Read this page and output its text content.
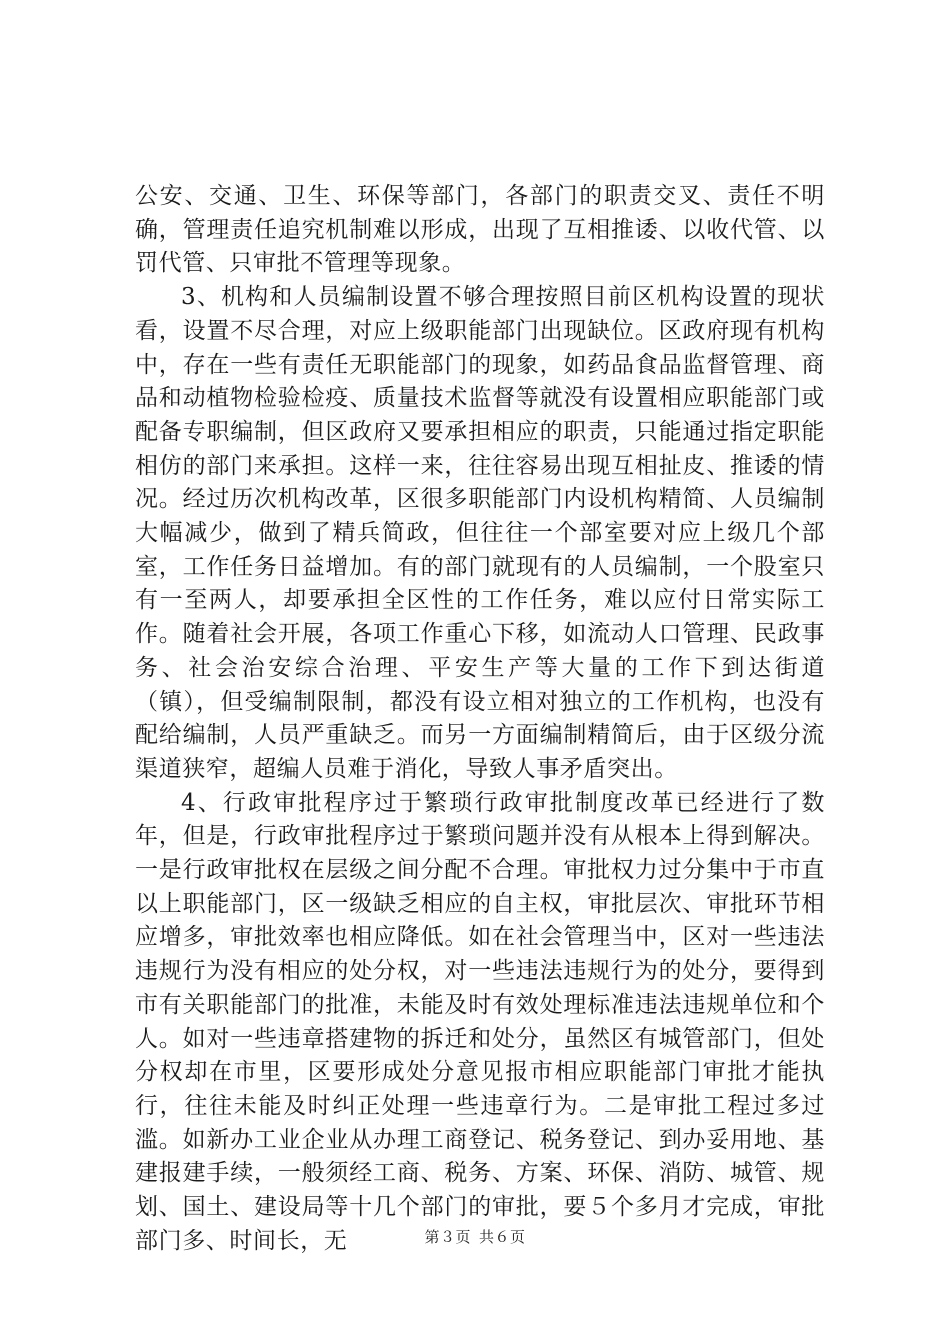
公安、交通、卫生、环保等部门，各部门的职责交叉、责任不明确，管理责任追究机制难以形成，出现了互相推诿、以收代管、以罚代管、只审批不管理等现象。

3、机构和人员编制设置不够合理按照目前区机构设置的现状看，设置不尽合理，对应上级职能部门出现缺位。区政府现有机构中，存在一些有责任无职能部门的现象，如药品食品监督管理、商品和动植物检验检疫、质量技术监督等就没有设置相应职能部门或配备专职编制，但区政府又要承担相应的职责，只能通过指定职能相仿的部门来承担。这样一来，往往容易出现互相扯皮、推诿的情况。经过历次机构改革，区很多职能部门内设机构精简、人员编制大幅减少，做到了精兵简政，但往往一个部室要对应上级几个部室，工作任务日益增加。有的部门就现有的人员编制，一个股室只有一至两人，却要承担全区性的工作任务，难以应付日常实际工作。随着社会开展，各项工作重心下移，如流动人口管理、民政事务、社会治安综合治理、平安生产等大量的工作下到达街道（镇），但受编制限制，都没有设立相对独立的工作机构，也没有配给编制，人员严重缺乏。而另一方面编制精简后，由于区级分流渠道狭窄，超编人员难于消化，导致人事矛盾突出。

4、行政审批程序过于繁琐行政审批制度改革已经进行了数年，但是，行政审批程序过于繁琐问题并没有从根本上得到解决。一是行政审批权在层级之间分配不合理。审批权力过分集中于市直以上职能部门，区一级缺乏相应的自主权，审批层次、审批环节相应增多，审批效率也相应降低。如在社会管理当中，区对一些违法违规行为没有相应的处分权，对一些违法违规行为的处分，要得到市有关职能部门的批准，未能及时有效处理标准违法违规单位和个人。如对一些违章搭建物的拆迁和处分，虽然区有城管部门，但处分权却在市里，区要形成处分意见报市相应职能部门审批才能执行，往往未能及时纠正处理一些违章行为。二是审批工程过多过滥。如新办工业企业从办理工商登记、税务登记、到办妥用地、基建报建手续，一般须经工商、税务、方案、环保、消防、城管、规划、国土、建设局等十几个部门的审批，要５个多月才完成，审批部门多、时间长，无	第３页 共６页
